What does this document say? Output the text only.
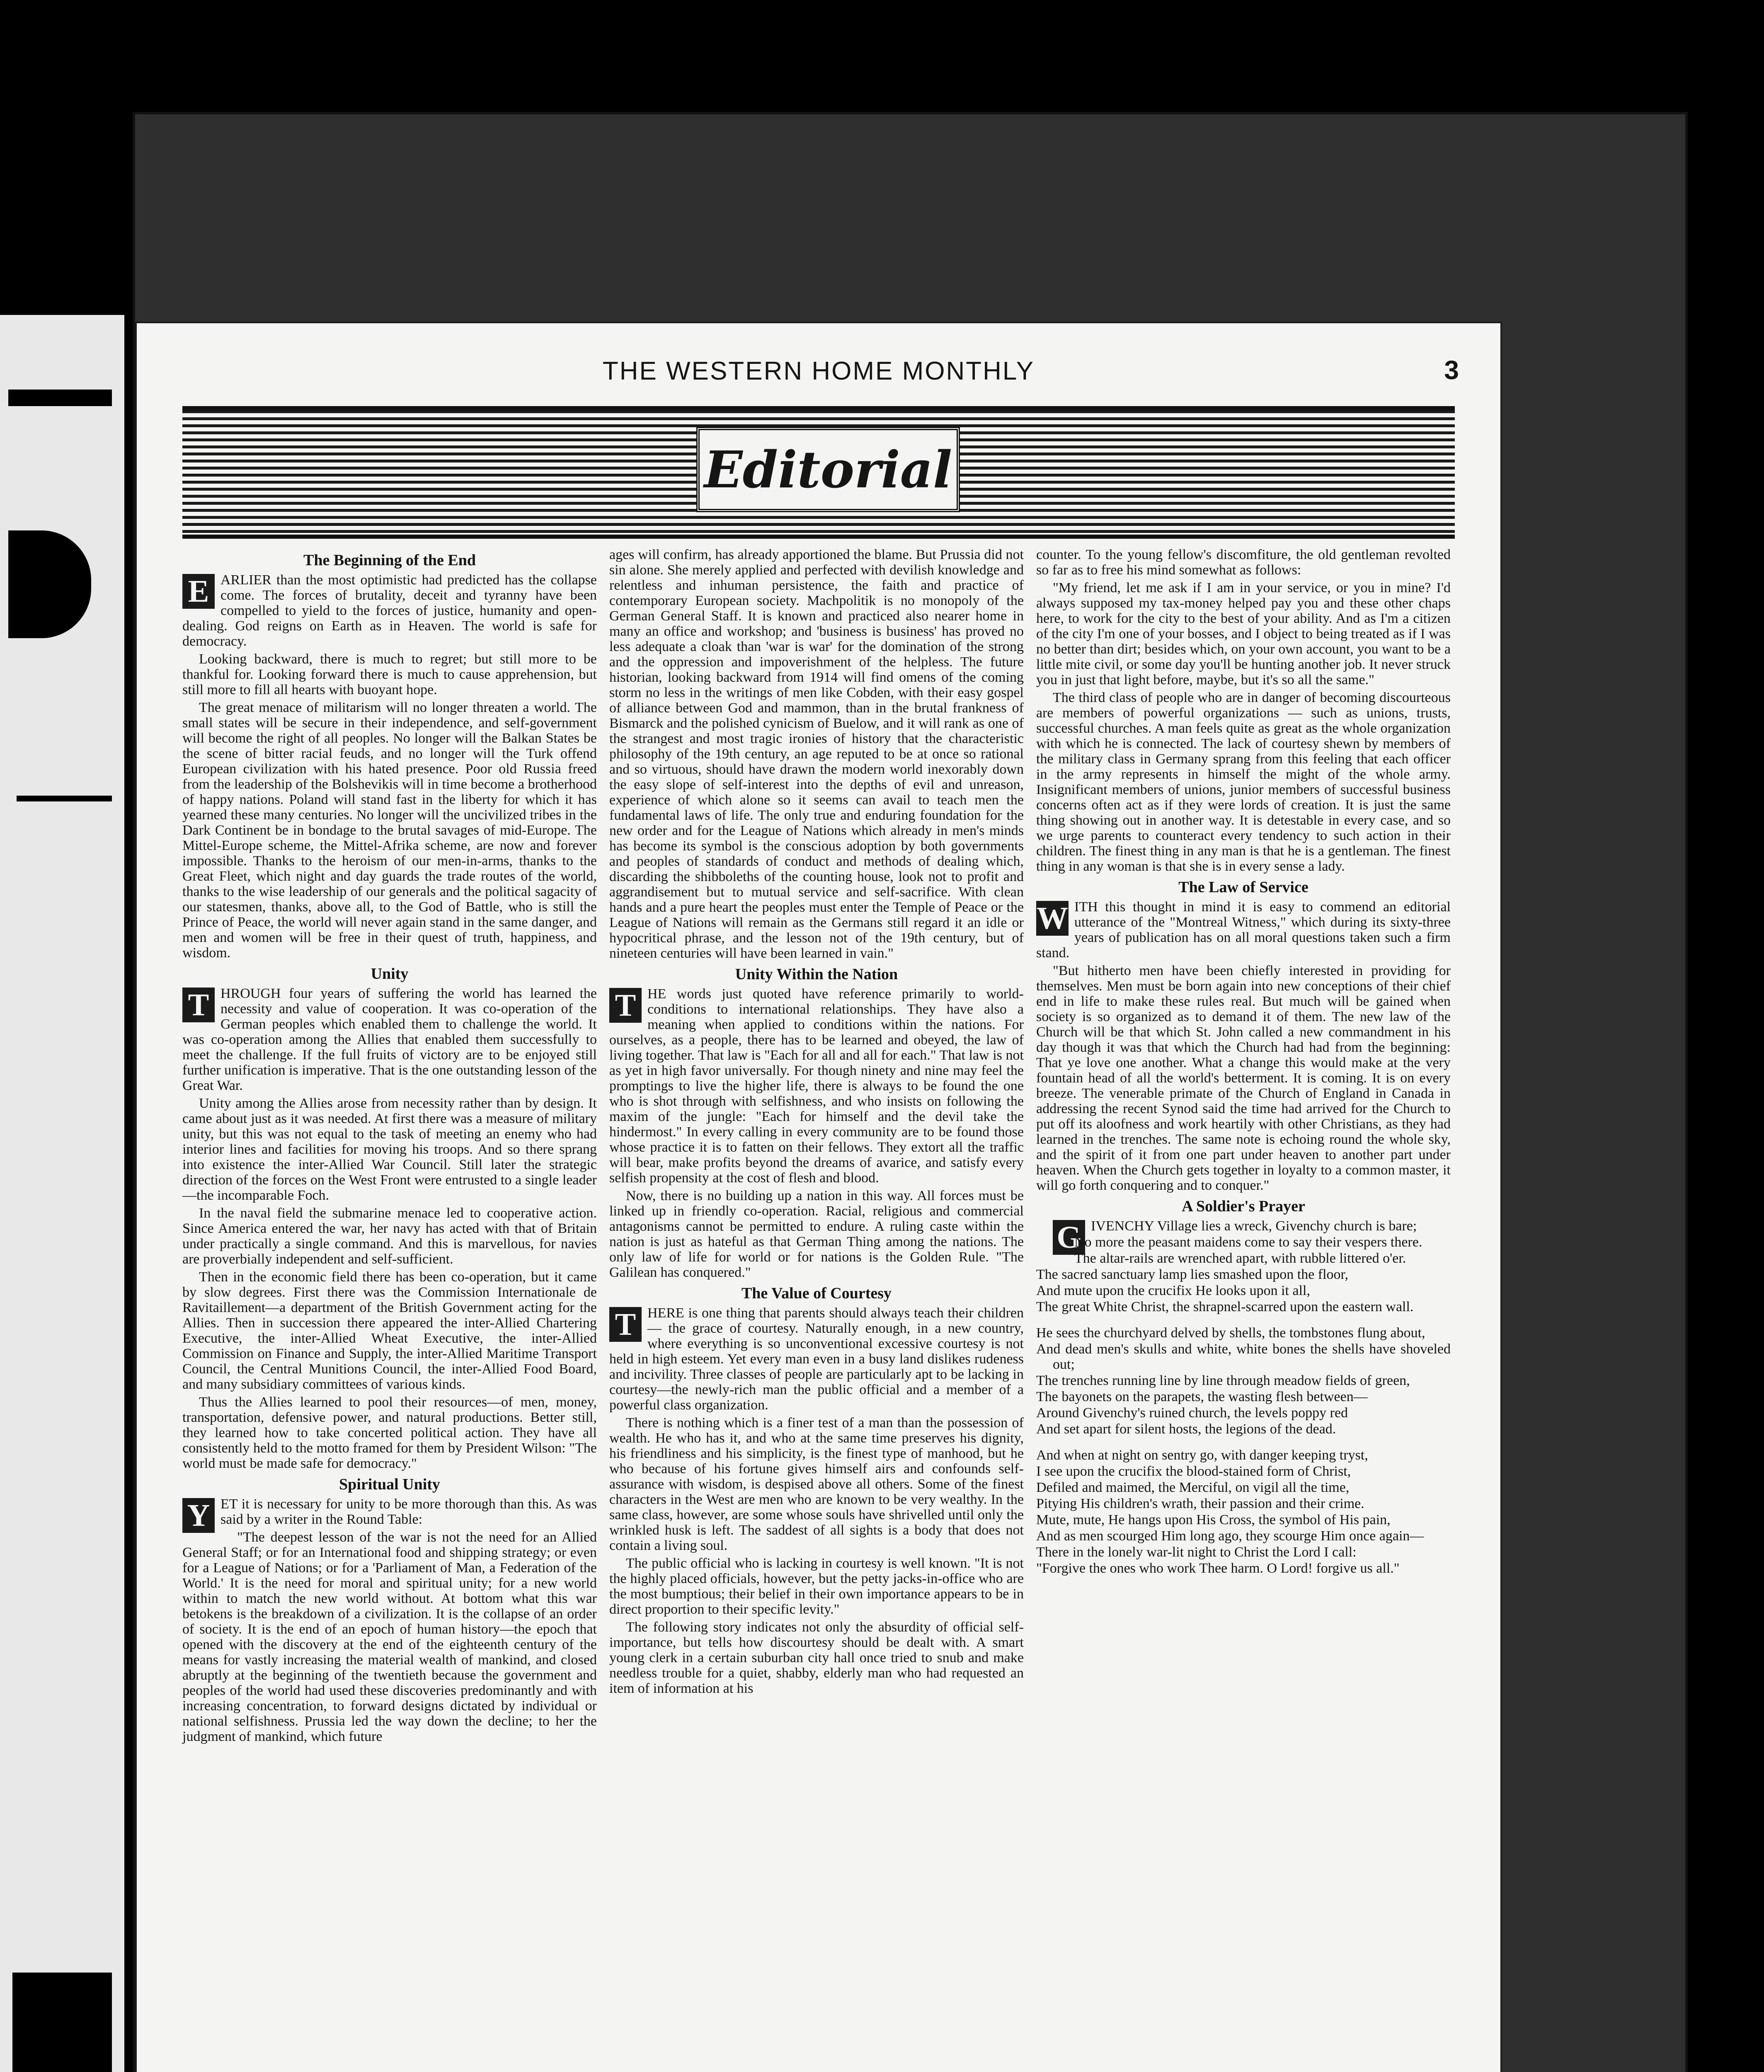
THE WESTERN HOME MONTHLY	3
Editorial
The Beginning of the End

E ARLIER than the most optimistic had predicted has the collapse come. The forces of brutality, deceit and tyranny have been compelled to yield to the forces of justice, humanity and open-dealing. God reigns on Earth as in Heaven. The world is safe for democracy.

Looking backward, there is much to regret; but still more to be thankful for. Looking forward there is much to cause apprehension, but still more to fill all hearts with buoyant hope.

The great menace of militarism will no longer threaten a world. The small states will be secure in their independence, and self-government will become the right of all peoples. No longer will the Balkan States be the scene of bitter racial feuds, and no longer will the Turk offend European civilization with his hated presence. Poor old Russia freed from the leadership of the Bolshevikis will in time become a brotherhood of happy nations. Poland will stand fast in the liberty for which it has yearned these many centuries. No longer will the uncivilized tribes in the Dark Continent be in bondage to the brutal savages of mid-Europe. The Mittel-Europe scheme, the Mittel-Afrika scheme, are now and forever impossible. Thanks to the heroism of our men-in-arms, thanks to the Great Fleet, which night and day guards the trade routes of the world, thanks to the wise leadership of our generals and the political sagacity of our statesmen, thanks, above all, to the God of Battle, who is still the Prince of Peace, the world will never again stand in the same danger, and men and women will be free in their quest of truth, happiness, and wisdom.

Unity

T HROUGH four years of suffering the world has learned the necessity and value of cooperation. It was co-operation of the German peoples which enabled them to challenge the world. It was co-operation among the Allies that enabled them successfully to meet the challenge. If the full fruits of victory are to be enjoyed still further unification is imperative. That is the one outstanding lesson of the Great War.

Unity among the Allies arose from necessity rather than by design. It came about just as it was needed. At first there was a measure of military unity, but this was not equal to the task of meeting an enemy who had interior lines and facilities for moving his troops. And so there sprang into existence the inter-Allied War Council. Still later the strategic direction of the forces on the West Front were entrusted to a single leader—the incomparable Foch.

In the naval field the submarine menace led to cooperative action. Since America entered the war, her navy has acted with that of Britain under practically a single command. And this is marvellous, for navies are proverbially independent and self-sufficient.

Then in the economic field there has been co-operation, but it came by slow degrees. First there was the Commission Internationale de Ravitaillement—a department of the British Government acting for the Allies. Then in succession there appeared the inter-Allied Chartering Executive, the inter-Allied Wheat Executive, the inter-Allied Commission on Finance and Supply, the inter-Allied Maritime Transport Council, the Central Munitions Council, the inter-Allied Food Board, and many subsidiary committees of various kinds.

Thus the Allies learned to pool their resources—of men, money, transportation, defensive power, and natural productions. Better still, they learned how to take concerted political action. They have all consistently held to the motto framed for them by President Wilson: "The world must be made safe for democracy."

Spiritual Unity

Y ET it is necessary for unity to be more thorough than this. As was said by a writer in the Round Table:

"The deepest lesson of the war is not the need for an Allied General Staff; or for an International food and shipping strategy; or even for a League of Nations; or for a 'Parliament of Man, a Federation of the World.' It is the need for moral and spiritual unity; for a new world within to match the new world without. At bottom what this war betokens is the breakdown of a civilization. It is the collapse of an order of society. It is the end of an epoch of human history—the epoch that opened with the discovery at the end of the eighteenth century of the means for vastly increasing the material wealth of mankind, and closed abruptly at the beginning of the twentieth because the government and peoples of the world had used these discoveries predominantly and with increasing concentration, to forward designs dictated by individual or national selfishness. Prussia led the way down the decline; to her the judgment of mankind, which future

ages will confirm, has already apportioned the blame. But Prussia did not sin alone. She merely applied and perfected with devilish knowledge and relentless and inhuman persistence, the faith and practice of contemporary European society. Machpolitik is no monopoly of the German General Staff. It is known and practiced also nearer home in many an office and workshop; and 'business is business' has proved no less adequate a cloak than 'war is war' for the domination of the strong and the oppression and impoverishment of the helpless. The future historian, looking backward from 1914 will find omens of the coming storm no less in the writings of men like Cobden, with their easy gospel of alliance between God and mammon, than in the brutal frankness of Bismarck and the polished cynicism of Buelow, and it will rank as one of the strangest and most tragic ironies of history that the characteristic philosophy of the 19th century, an age reputed to be at once so rational and so virtuous, should have drawn the modern world inexorably down the easy slope of self-interest into the depths of evil and unreason, experience of which alone so it seems can avail to teach men the fundamental laws of life. The only true and enduring foundation for the new order and for the League of Nations which already in men's minds has become its symbol is the conscious adoption by both governments and peoples of standards of conduct and methods of dealing which, discarding the shibboleths of the counting house, look not to profit and aggrandisement but to mutual service and self-sacrifice. With clean hands and a pure heart the peoples must enter the Temple of Peace or the League of Nations will remain as the Germans still regard it an idle or hypocritical phrase, and the lesson not of the 19th century, but of nineteen centuries will have been learned in vain."

Unity Within the Nation

T HE words just quoted have reference primarily to world-conditions to international relationships. They have also a meaning when applied to conditions within the nations. For ourselves, as a people, there has to be learned and obeyed, the law of living together. That law is "Each for all and all for each." That law is not as yet in high favor universally. For though ninety and nine may feel the promptings to live the higher life, there is always to be found the one who is shot through with selfishness, and who insists on following the maxim of the jungle: "Each for himself and the devil take the hindermost." In every calling in every community are to be found those whose practice it is to fatten on their fellows. They extort all the traffic will bear, make profits beyond the dreams of avarice, and satisfy every selfish propensity at the cost of flesh and blood.

Now, there is no building up a nation in this way. All forces must be linked up in friendly co-operation. Racial, religious and commercial antagonisms cannot be permitted to endure. A ruling caste within the nation is just as hateful as that German Thing among the nations. The only law of life for world or for nations is the Golden Rule. "The Galilean has conquered."

The Value of Courtesy

T HERE is one thing that parents should always teach their children — the grace of courtesy. Naturally enough, in a new country, where everything is so unconventional excessive courtesy is not held in high esteem. Yet every man even in a busy land dislikes rudeness and incivility. Three classes of people are particularly apt to be lacking in courtesy—the newly-rich man the public official and a member of a powerful class organization.

There is nothing which is a finer test of a man than the possession of wealth. He who has it, and who at the same time preserves his dignity, his friendliness and his simplicity, is the finest type of manhood, but he who because of his fortune gives himself airs and confounds self-assurance with wisdom, is despised above all others. Some of the finest characters in the West are men who are known to be very wealthy. In the same class, however, are some whose souls have shrivelled until only the wrinkled husk is left. The saddest of all sights is a body that does not contain a living soul.

The public official who is lacking in courtesy is well known. "It is not the highly placed officials, however, but the petty jacks-in-office who are the most bumptious; their belief in their own importance appears to be in direct proportion to their specific levity."

The following story indicates not only the absurdity of official self-importance, but tells how discourtesy should be dealt with. A smart young clerk in a certain suburban city hall once tried to snub and make needless trouble for a quiet, shabby, elderly man who had requested an item of information at his

counter. To the young fellow's discomfiture, the old gentleman revolted so far as to free his mind somewhat as follows:

"My friend, let me ask if I am in your service, or you in mine? I'd always supposed my tax-money helped pay you and these other chaps here, to work for the city to the best of your ability. And as I'm a citizen of the city I'm one of your bosses, and I object to being treated as if I was no better than dirt; besides which, on your own account, you want to be a little mite civil, or some day you'll be hunting another job. It never struck you in just that light before, maybe, but it's so all the same."

The third class of people who are in danger of becoming discourteous are members of powerful organizations — such as unions, trusts, successful churches. A man feels quite as great as the whole organization with which he is connected. The lack of courtesy shewn by members of the military class in Germany sprang from this feeling that each officer in the army represents in himself the might of the whole army. Insignificant members of unions, junior members of successful business concerns often act as if they were lords of creation. It is just the same thing showing out in another way. It is detestable in every case, and so we urge parents to counteract every tendency to such action in their children. The finest thing in any man is that he is a gentleman. The finest thing in any woman is that she is in every sense a lady.

The Law of Service

W ITH this thought in mind it is easy to commend an editorial utterance of the "Montreal Witness," which during its sixty-three years of publication has on all moral questions taken such a firm stand.

"But hitherto men have been chiefly interested in providing for themselves. Men must be born again into new conceptions of their chief end in life to make these rules real. But much will be gained when society is so organized as to demand it of them. The new law of the Church will be that which St. John called a new commandment in his day though it was that which the Church had had from the beginning: That ye love one another. What a change this would make at the very fountain head of all the world's betterment. It is coming. It is on every breeze. The venerable primate of the Church of England in Canada in addressing the recent Synod said the time had arrived for the Church to put off its aloofness and work heartily with other Christians, as they had learned in the trenches. The same note is echoing round the whole sky, and the spirit of it from one part under heaven to another part under heaven. When the Church gets together in loyalty to a common master, it will go forth conquering and to conquer."

A Soldier's Prayer

G IVENCHY Village lies a wreck, Givenchy church is bare;

No more the peasant maidens come to say their vespers there.

The altar-rails are wrenched apart, with rubble littered o'er.

The sacred sanctuary lamp lies smashed upon the floor,

And mute upon the crucifix He looks upon it all,

The great White Christ, the shrapnel-scarred upon the eastern wall.

He sees the churchyard delved by shells, the tombstones flung about,

And dead men's skulls and white, white bones the shells have shoveled out;

The trenches running line by line through meadow fields of green,

The bayonets on the parapets, the wasting flesh between—

Around Givenchy's ruined church, the levels poppy red

And set apart for silent hosts, the legions of the dead.

And when at night on sentry go, with danger keeping tryst,

I see upon the crucifix the blood-stained form of Christ,

Defiled and maimed, the Merciful, on vigil all the time,

Pitying His children's wrath, their passion and their crime.

Mute, mute, He hangs upon His Cross, the symbol of His pain,

And as men scourged Him long ago, they scourge Him once again—

There in the lonely war-lit night to Christ the Lord I call:

"Forgive the ones who work Thee harm. O Lord! forgive us all."
